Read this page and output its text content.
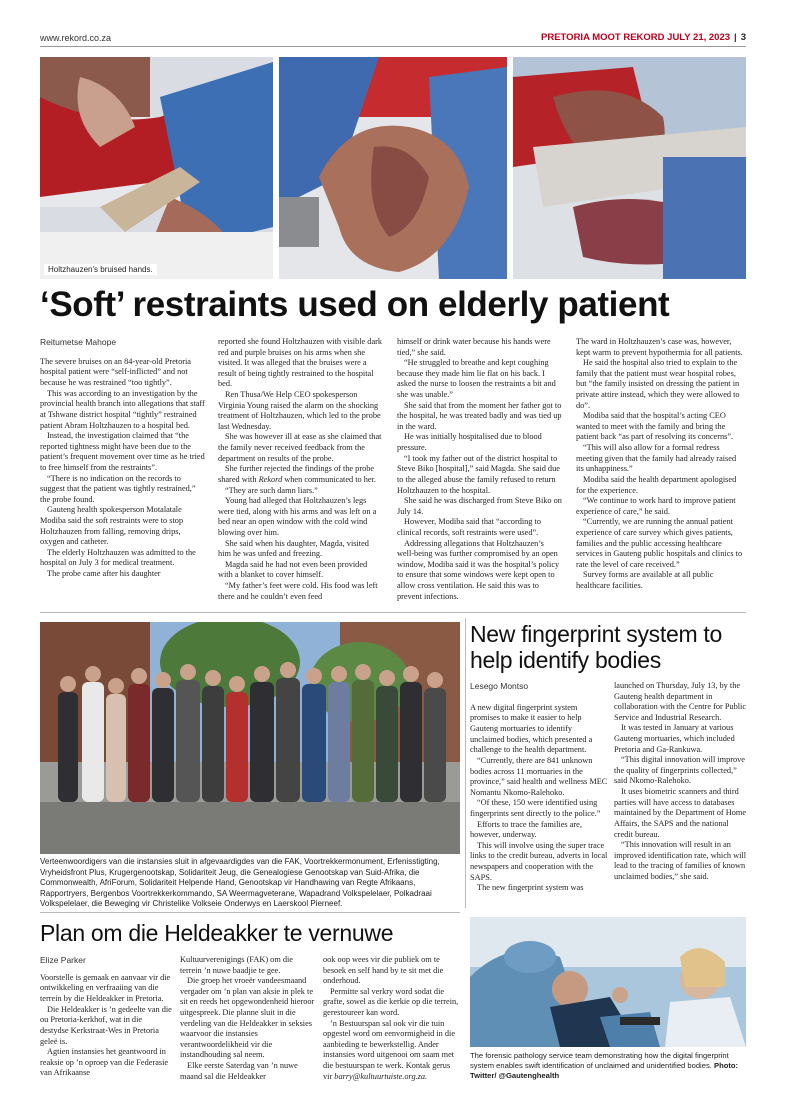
www.rekord.co.za	PRETORIA MOOT REKORD JULY 21, 2023 | 3
Holtzhauzen's bruised hands.
‘Soft’ restraints used on elderly patient
Reitumetse Mahope

The severe bruises on an 84-year-old Pretoria hospital patient were “self-inflicted” and not because he was restrained “too tightly”.

This was according to an investigation by the provincial health branch into allegations that staff at Tshwane district hospital “tightly” restrained patient Abram Holtzhauzen to a hospital bed.

Instead, the investigation claimed that “the reported tightness might have been due to the patient’s frequent movement over time as he tried to free himself from the restraints”.

“There is no indication on the records to suggest that the patient was tightly restrained,” the probe found.

Gauteng health spokesperson Motalatale Modiba said the soft restraints were to stop Holtzhauzen from falling, removing drips, oxygen and catheter.

The elderly Holtzhauzen was admitted to the hospital on July 3 for medical treatment.

The probe came after his daughter

reported she found Holtzhauzen with visible dark red and purple bruises on his arms when she visited. It was alleged that the bruises were a result of being tightly restrained to the hospital bed.

Ren Thusa/We Help CEO spokesperson Virginia Young raised the alarm on the shocking treatment of Holtzhauzen, which led to the probe last Wednesday.

She was however ill at ease as she claimed that the family never received feedback from the department on results of the probe.

She further rejected the findings of the probe shared with Rekord when communicated to her.

“They are such damn liars.”

Young had alleged that Holtzhauzen’s legs were tied, along with his arms and was left on a bed near an open window with the cold wind blowing over him.

She said when his daughter, Magda, visited him he was unfed and freezing.

Magda said he had not even been provided with a blanket to cover himself.

“My father’s feet were cold. His food was left there and he couldn’t even feed

himself or drink water because his hands were tied,” she said.

“He struggled to breathe and kept coughing because they made him lie flat on his back. I asked the nurse to loosen the restraints a bit and she was unable.”

She said that from the moment her father got to the hospital, he was treated badly and was tied up in the ward.

He was initially hospitalised due to blood pressure.

“I took my father out of the district hospital to Steve Biko [hospital],” said Magda. She said due to the alleged abuse the family refused to return Holtzhauzen to the hospital.

She said he was discharged from Steve Biko on July 14.

However, Modiba said that “according to clinical records, soft restraints were used”.

Addressing allegations that Holtzhauzen’s well-being was further compromised by an open window, Modiba said it was the hospital’s policy to ensure that some windows were kept open to allow cross ventilation. He said this was to prevent infections.

The ward in Holtzhauzen’s case was, however, kept warm to prevent hypothermia for all patients.

He said the hospital also tried to explain to the family that the patient must wear hospital robes, but “the family insisted on dressing the patient in private attire instead, which they were allowed to do”.

Modiba said that the hospital’s acting CEO wanted to meet with the family and bring the patient back “as part of resolving its concerns”.

“This will also allow for a formal redress meeting given that the family had already raised its unhappiness.”

Modiba said the health department apologised for the experience.

“We continue to work hard to improve patient experience of care,” he said.

“Currently, we are running the annual patient experience of care survey which gives patients, families and the public accessing healthcare services in Gauteng public hospitals and clinics to rate the level of care received.”

Survey forms are available at all public healthcare facilities.

Verteenwoordigers van die instansies sluit in afgevaardigdes van die FAK, Voortrekkermonument, Erfenisstigting, Vryheidsfront Plus, Krugergenootskap, Solidariteit Jeug, die Genealogiese Genootskap van Suid-Afrika, die Commonwealth, AfriForum, Solidariteit Helpende Hand, Genootskap vir Handhawing van Regte Afrikaans, Rapportryers, Bergenbos Voortrekkerkommando, SA Weermagveterane, Wapadrand Volkspelelaer, Polkadraai Volkspelelaer, die Beweging vir Christelike Volkseie Onderwys en Laerskool Pierneef.
New fingerprint system to help identify bodies
Lesego Montso

A new digital fingerprint system promises to make it easier to help Gauteng mortuaries to identify unclaimed bodies, which presented a challenge to the health department.

“Currently, there are 841 unknown bodies across 11 mortuaries in the province,” said health and wellness MEC Nomantu Nkomo-Ralehoko.

“Of these, 150 were identified using fingerprints sent directly to the police.”

Efforts to trace the families are, however, underway.

This will involve using the super trace links to the credit bureau, adverts in local newspapers and cooperation with the SAPS.

The new fingerprint system was

launched on Thursday, July 13, by the Gauteng health department in collaboration with the Centre for Public Service and Industrial Research.

It was tested in January at various Gauteng mortuaries, which included Pretoria and Ga-Rankuwa.

“This digital innovation will improve the quality of fingerprints collected,” said Nkomo-Ralehoko.

It uses biometric scanners and third parties will have access to databases maintained by the Department of Home Affairs, the SAPS and the national credit bureau.

“This innovation will result in an improved identification rate, which will lead to the tracing of families of known unclaimed bodies,” she said.

Plan om die Heldeakker te vernuwe
Elize Parker

Voorstelle is gemaak en aanvaar vir die ontwikkeling en verfraaiing van die terrein by die Heldeakker in Pretoria.

Die Heldeakker is ’n gedeelte van die ou Pretoria-kerkhof, wat in die destydse Kerkstraat-Wes in Pretoria geleë is.

Agtien instansies het geantwoord in reaksie op ’n oproep van die Federasie van Afrikaanse

Kultuurverenigings (FAK) om die terrein ’n nuwe baadjie te gee.

Die groep het vroeër vandeesmaand vergader om ’n plan van aksie in plek te sit en reeds het opgewondenheid hieroor uitgespreek. Die planne sluit in die verdeling van die Heldeakker in seksies waarvoor die instansies verantwoordelikheid vir die instandhouding sal neem.

Elke eerste Saterdag van ’n nuwe maand sal die Heldeakker

ook oop wees vir die publiek om te besoek en self hand by te sit met die onderhoud.

Permitte sal verkry word sodat die grafte, sowel as die kerkie op die terrein, gerestoureer kan word.

’n Bestuurspan sal ook vir die tuin opgestel word om eenvormigheid in die aanbieding te bewerkstellig. Ander instansies word uitgenooi om saam met die bestuurspan te werk. Kontak gerus vir barry@kultuurtuiste.org.za.

The forensic pathology service team demonstrating how the digital fingerprint system enables swift identification of unclaimed and unidentified bodies. Photo: Twitter/ @Gautenghealth
